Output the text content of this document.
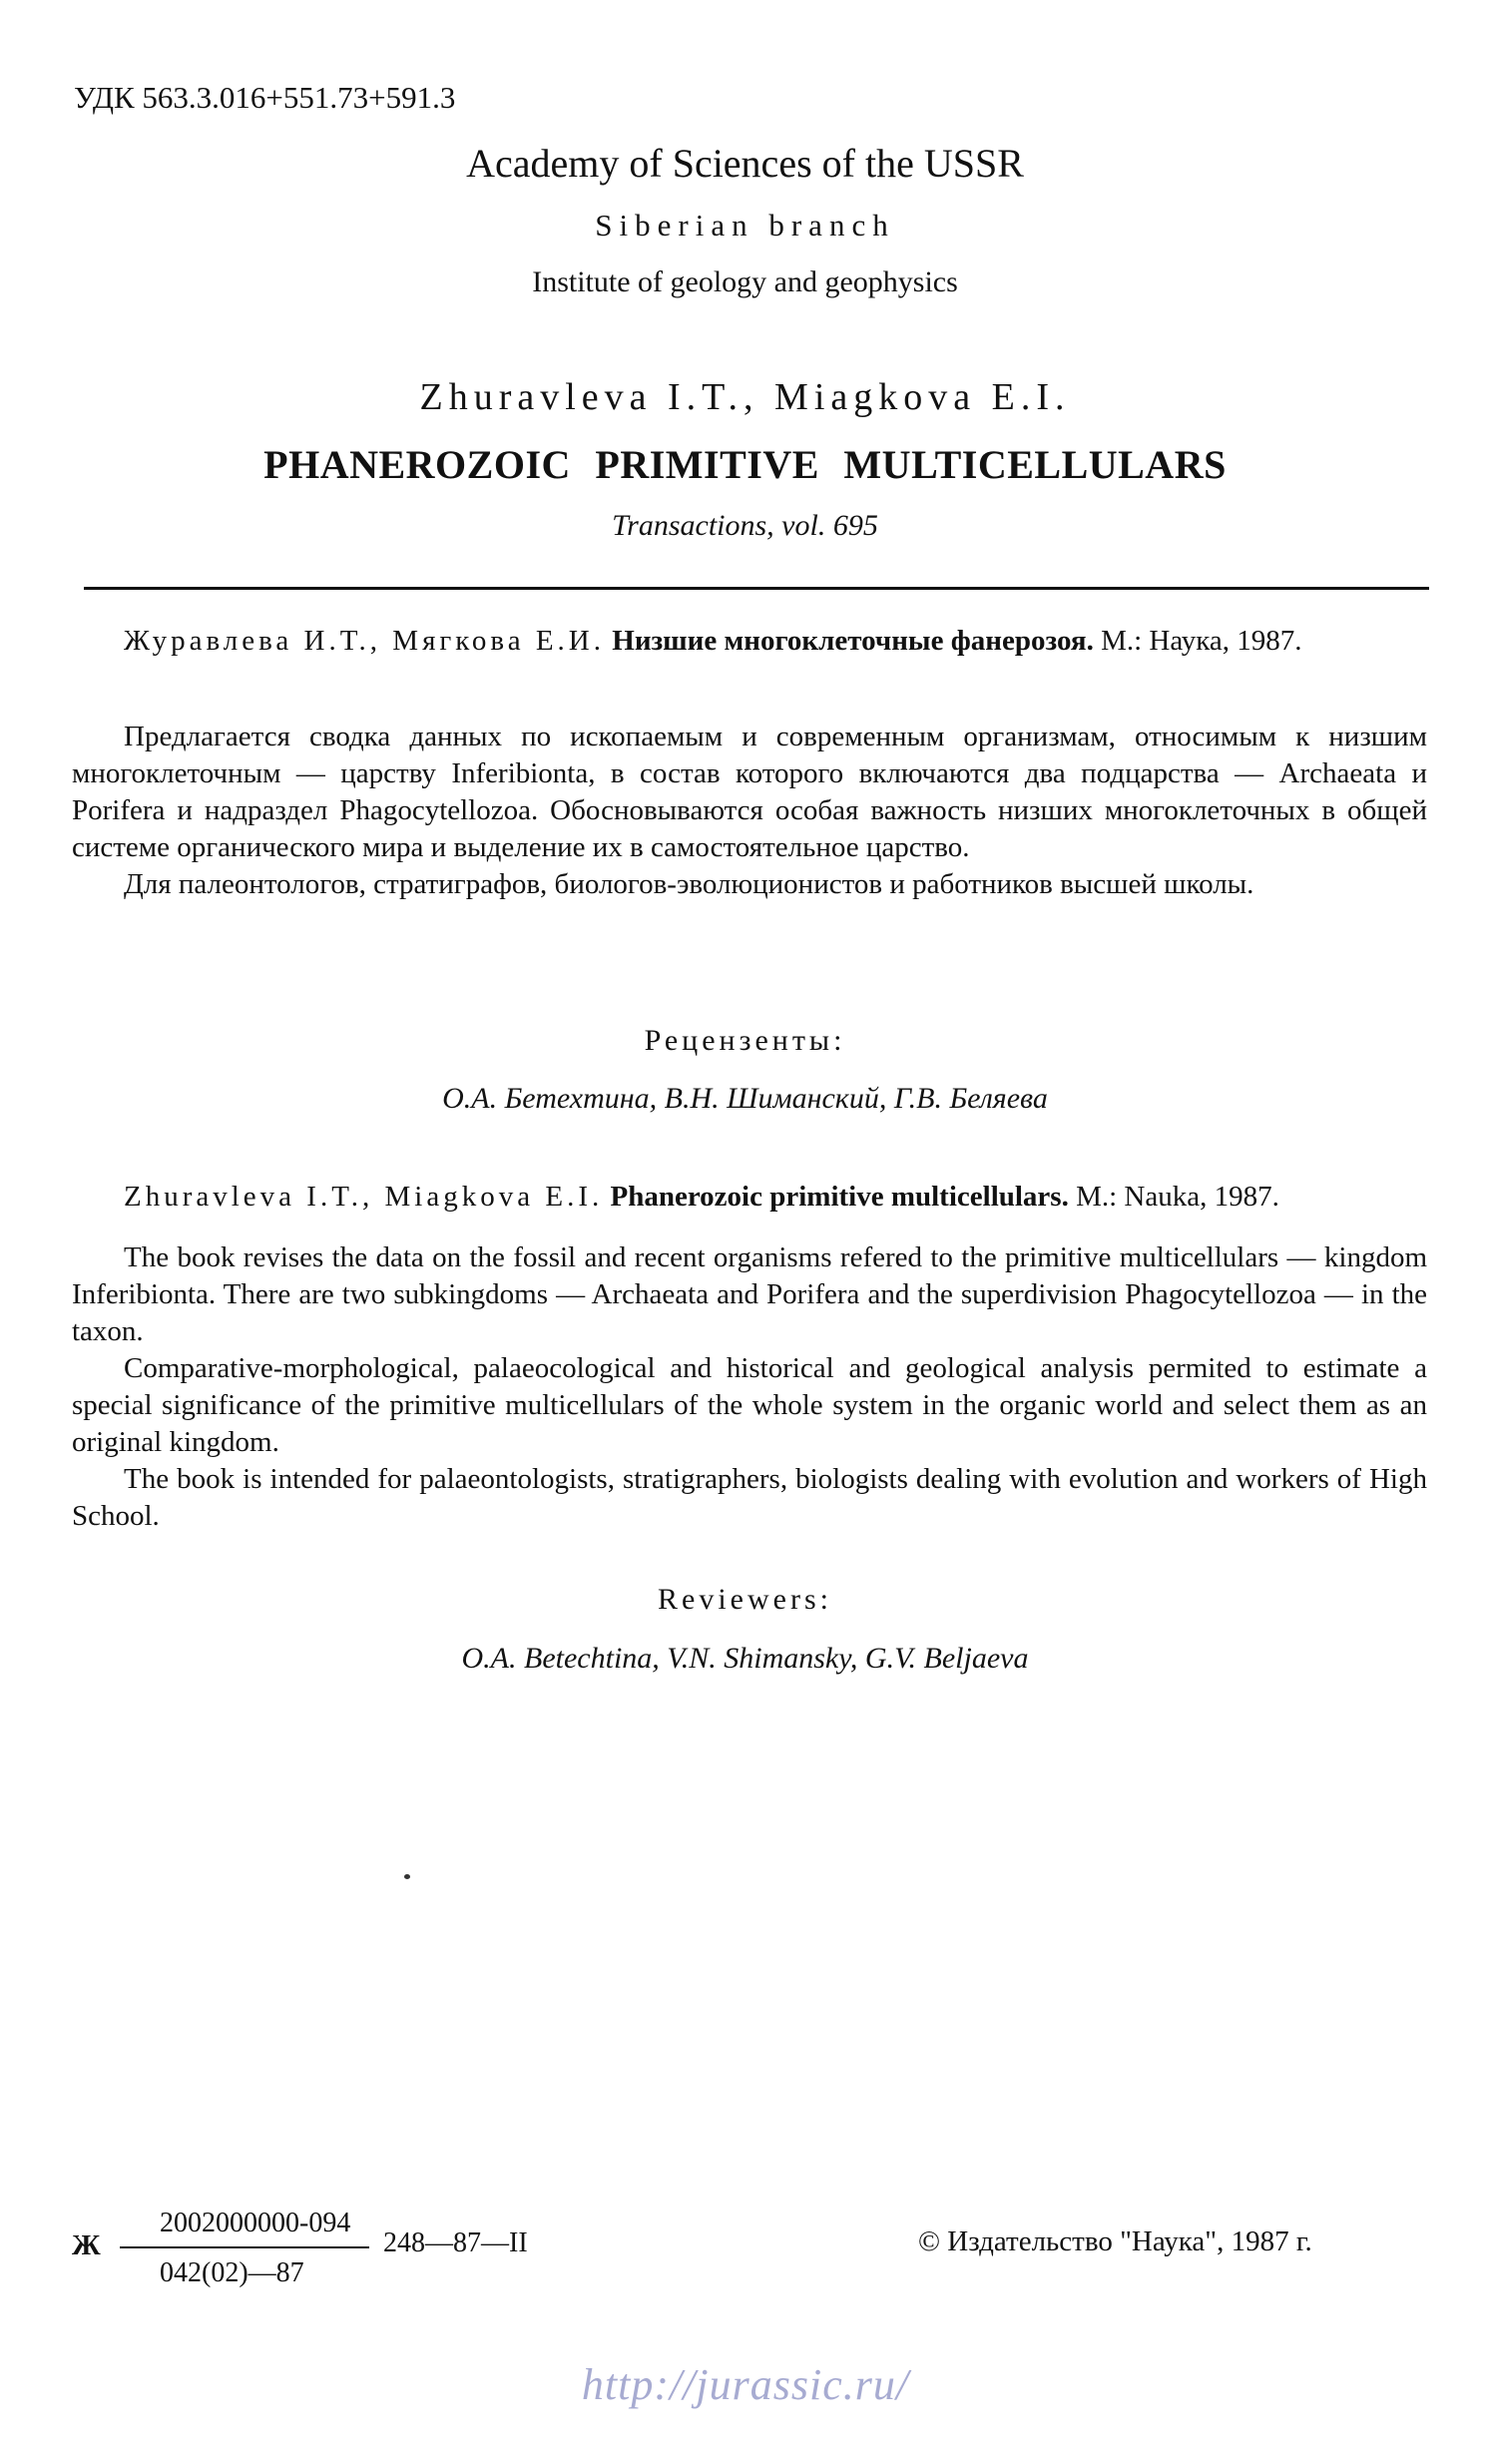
УДК 563.3.016+551.73+591.3
Academy of Sciences of the USSR
Siberian branch
Institute of geology and geophysics
Zhuravleva I.T., Miagkova E.I.
PHANEROZOIC PRIMITIVE MULTICELLULARS
Transactions, vol. 695

Журавлева И.Т., Мягкова Е.И. Низшие многоклеточные фанерозоя. М.: Наука, 1987.

Предлагается сводка данных по ископаемым и современным организмам, относимым к низшим многоклеточным — царству Inferibionta, в состав которого включаются два подцарства — Archaeata и Porifera и надраздел Phagocytellozoa. Обосновываются особая важность низших многоклеточных в общей системе органического мира и выделение их в самостоятельное царство.

Для палеонтологов, стратиграфов, биологов-эволюционистов и работников высшей школы.

Рецензенты:
О.А. Бетехтина, В.Н. Шиманский, Г.В. Беляева

Zhuravleva I.T., Miagkova E.I. Phanerozoic primitive multicellulars. M.: Nauka, 1987.

The book revises the data on the fossil and recent organisms refered to the primitive multicellulars — kingdom Inferibionta. There are two subkingdoms — Archaeata and Porifera and the superdivision Phagocytellozoa — in the taxon.

Comparative-morphological, palaeocological and historical and geological analysis permited to estimate a special significance of the primitive multicellulars of the whole system in the organic world and select them as an original kingdom.

The book is intended for palaeontologists, stratigraphers, biologists dealing with evolution and workers of High School.

Reviewers:
O.A. Betechtina, V.N. Shimansky, G.V. Beljaeva
Ж
2002000000-094
042(02)—87
248—87—II	© Издательство "Наука", 1987 г.
http://jurassic.ru/
